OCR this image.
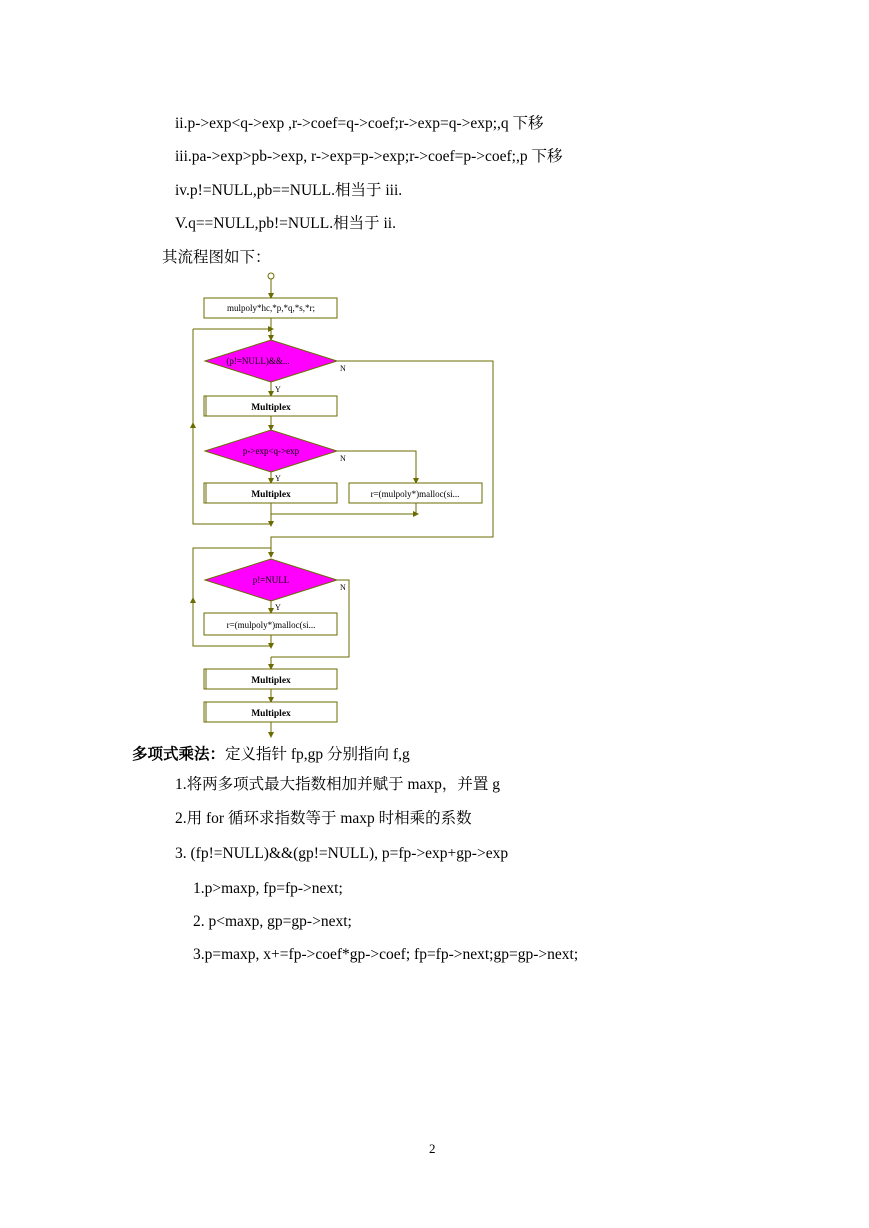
ii.p->exp<q->exp ,r->coef=q->coef;r->exp=q->exp;,q 下移
iii.pa->exp>pb->exp, r->exp=p->exp;r->coef=p->coef;,p 下移
iv.p!=NULL,pb==NULL.相当于 iii.
V.q==NULL,pb!=NULL.相当于 ii.
其流程图如下：
mulpoly*hc,*p,*q,*s,*r;
(p!=NULL)&&...
Y
N
Multiplex
p->exp<q->exp
Y
N
Multiplex	r=(mulpoly*)malloc(si...
p!=NULL
Y
N
r=(mulpoly*)malloc(si...
Multiplex
Multiplex
多项式乘法：定义指针 fp,gp 分别指向 f,g
1.将两多项式最大指数相加并赋于 maxp，并置 g
2.用 for 循环求指数等于 maxp 时相乘的系数
3. (fp!=NULL)&&(gp!=NULL), p=fp->exp+gp->exp
1.p>maxp, fp=fp->next;
2. p<maxp, gp=gp->next;
3.p=maxp, x+=fp->coef*gp->coef; fp=fp->next;gp=gp->next;
2
